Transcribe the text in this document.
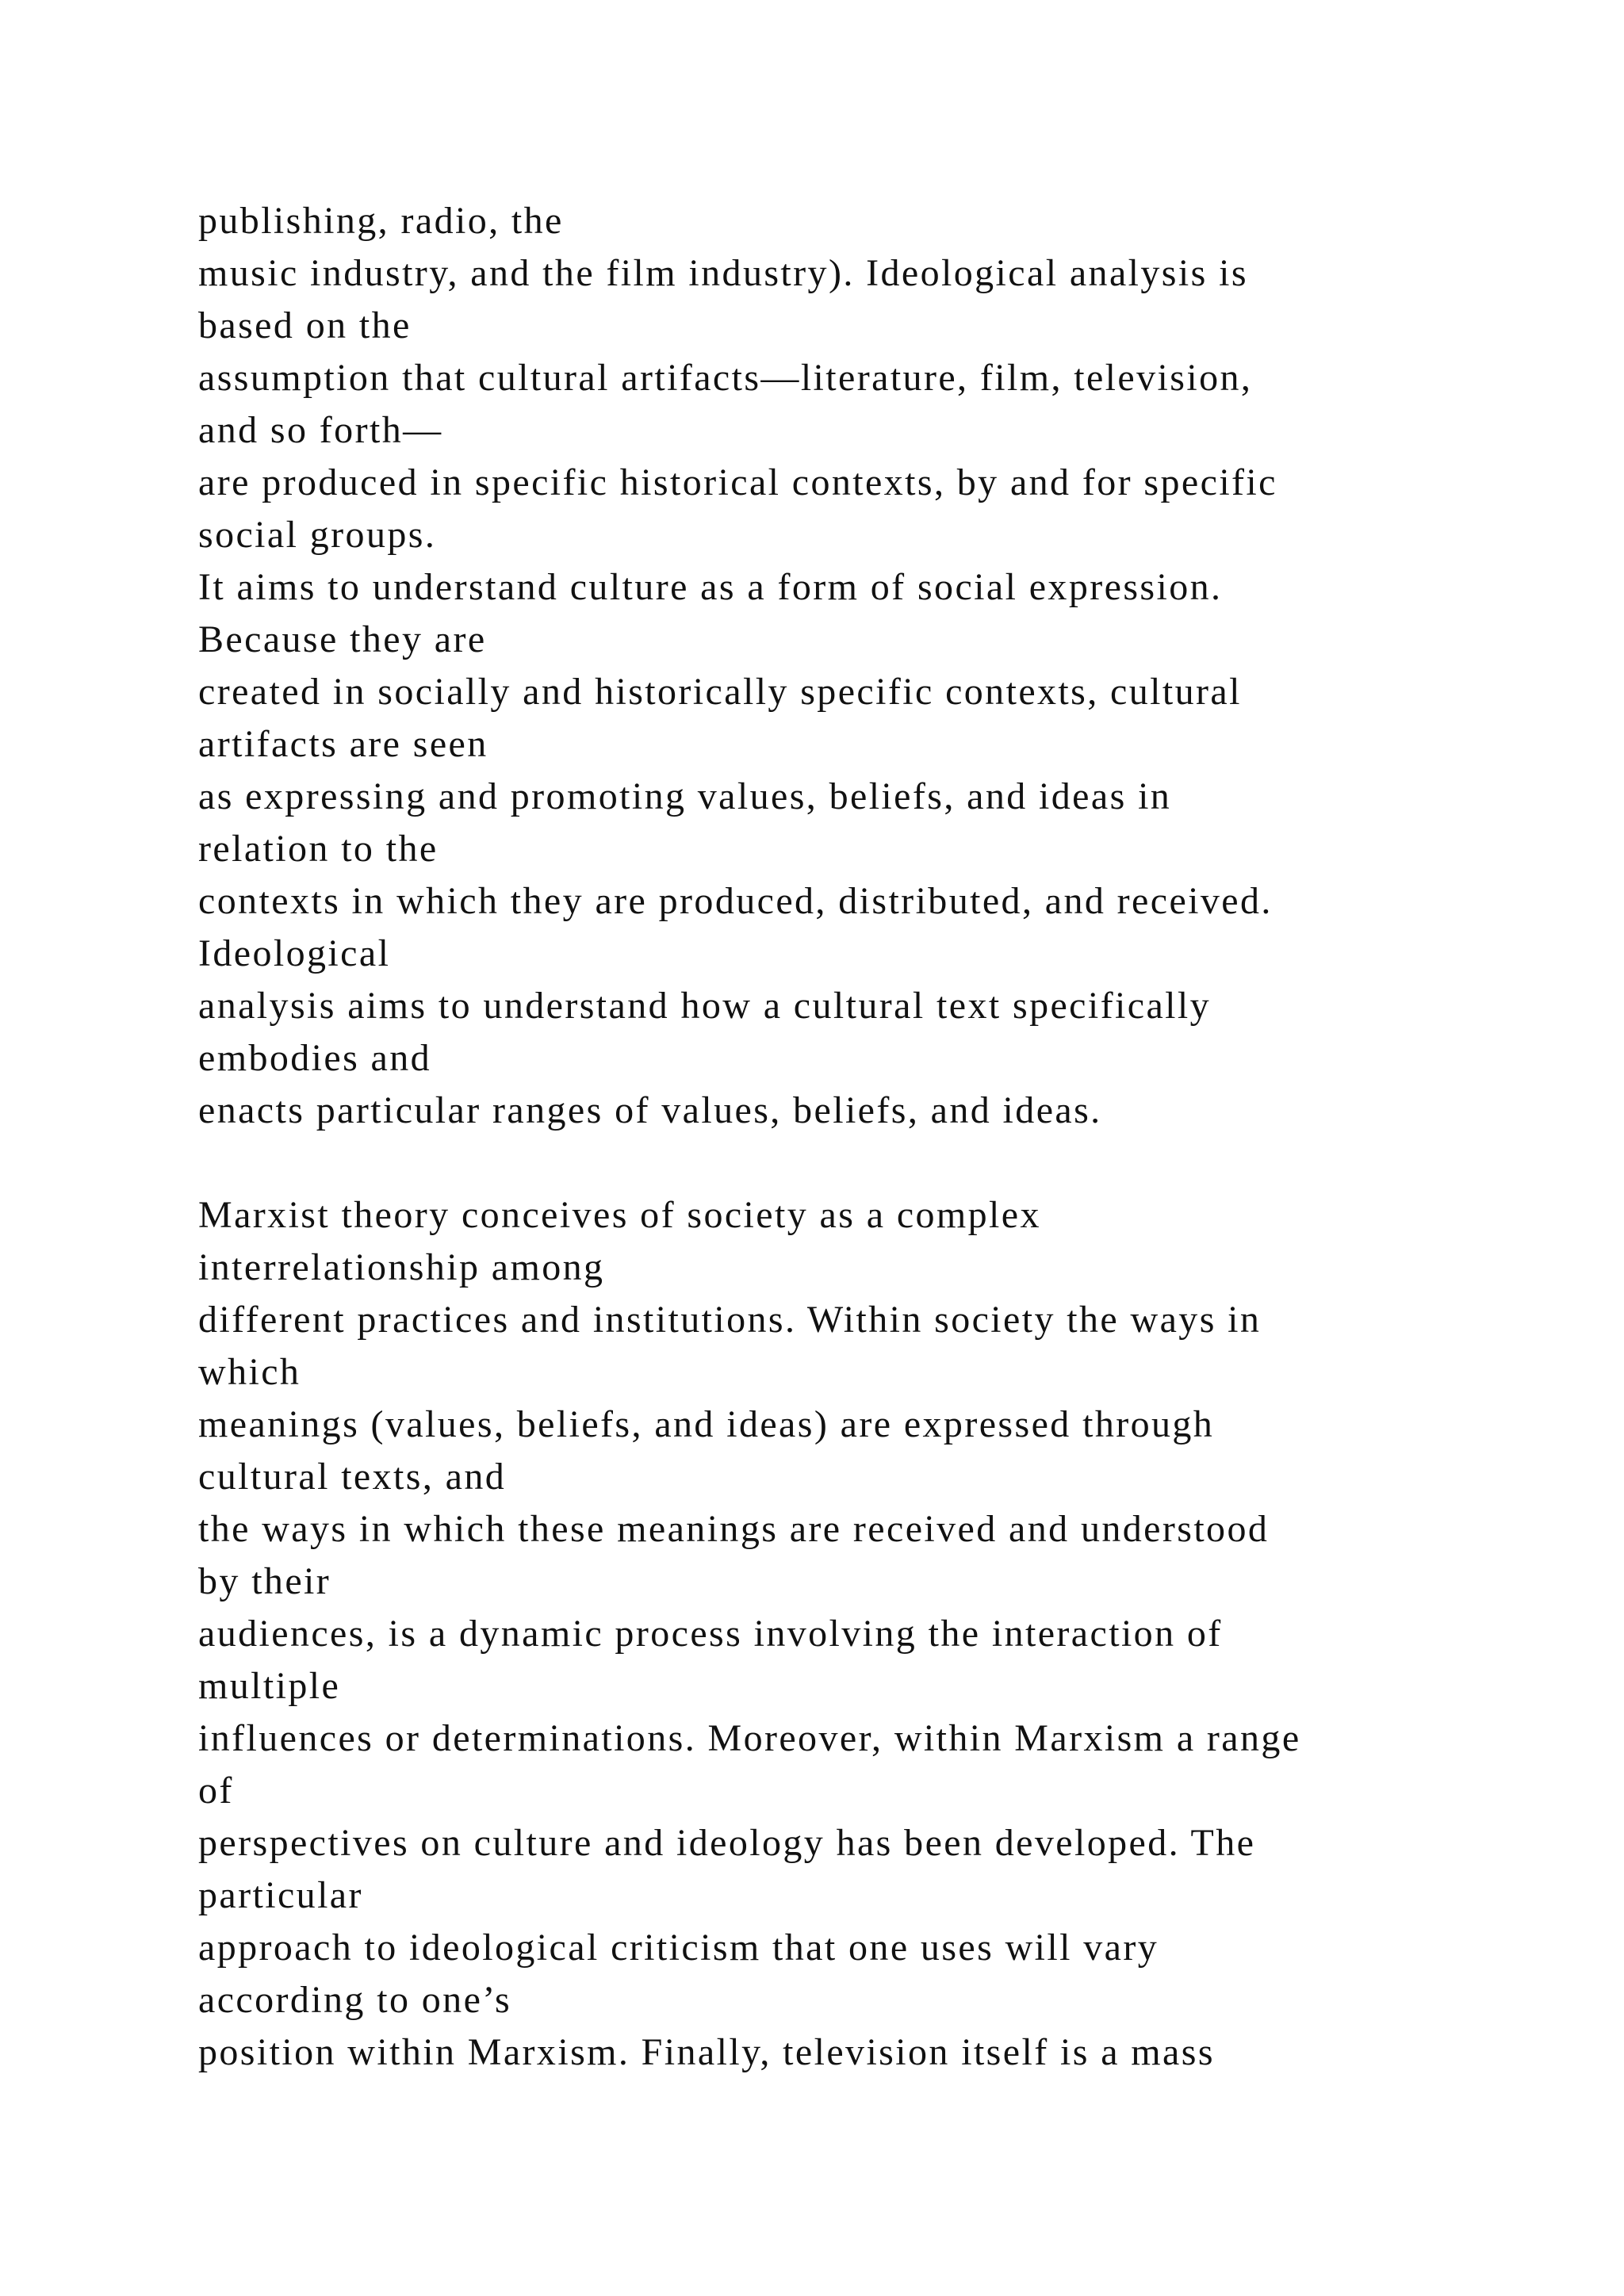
publishing, radio, the
music industry, and the film industry). Ideological analysis is
based on the
assumption that cultural artifacts—literature, film, television,
and so forth—
are produced in specific historical contexts, by and for specific
social groups.
It aims to understand culture as a form of social expression.
Because they are
created in socially and historically specific contexts, cultural
artifacts are seen
as expressing and promoting values, beliefs, and ideas in
relation to the
contexts in which they are produced, distributed, and received.
Ideological
analysis aims to understand how a cultural text specifically
embodies and
enacts particular ranges of values, beliefs, and ideas.
Marxist theory conceives of society as a complex
interrelationship among
different practices and institutions. Within society the ways in
which
meanings (values, beliefs, and ideas) are expressed through
cultural texts, and
the ways in which these meanings are received and understood
by their
audiences, is a dynamic process involving the interaction of
multiple
influences or determinations. Moreover, within Marxism a range
of
perspectives on culture and ideology has been developed. The
particular
approach to ideological criticism that one uses will vary
according to one’s
position within Marxism. Finally, television itself is a mass
